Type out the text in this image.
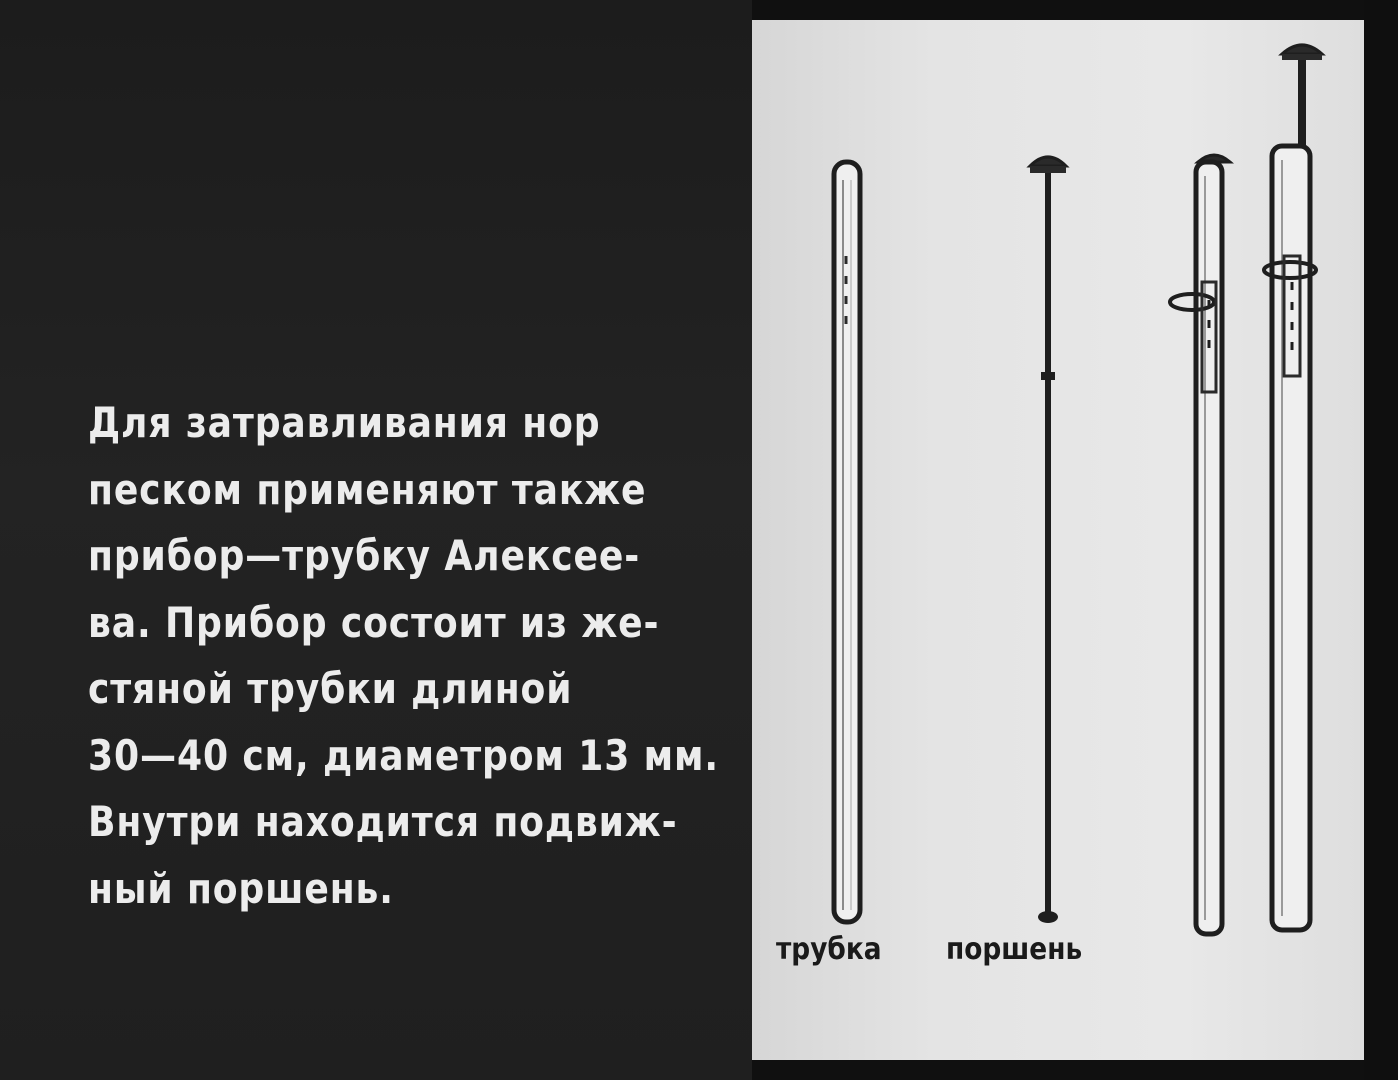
Для затравливания нор
песком применяют также
прибор—трубку Алексее-
ва. Прибор состоит из же-
стяной трубки длиной
30—40 см, диаметром 13 мм.
Внутри находится подвиж-
ный поршень.

трубка поршень
